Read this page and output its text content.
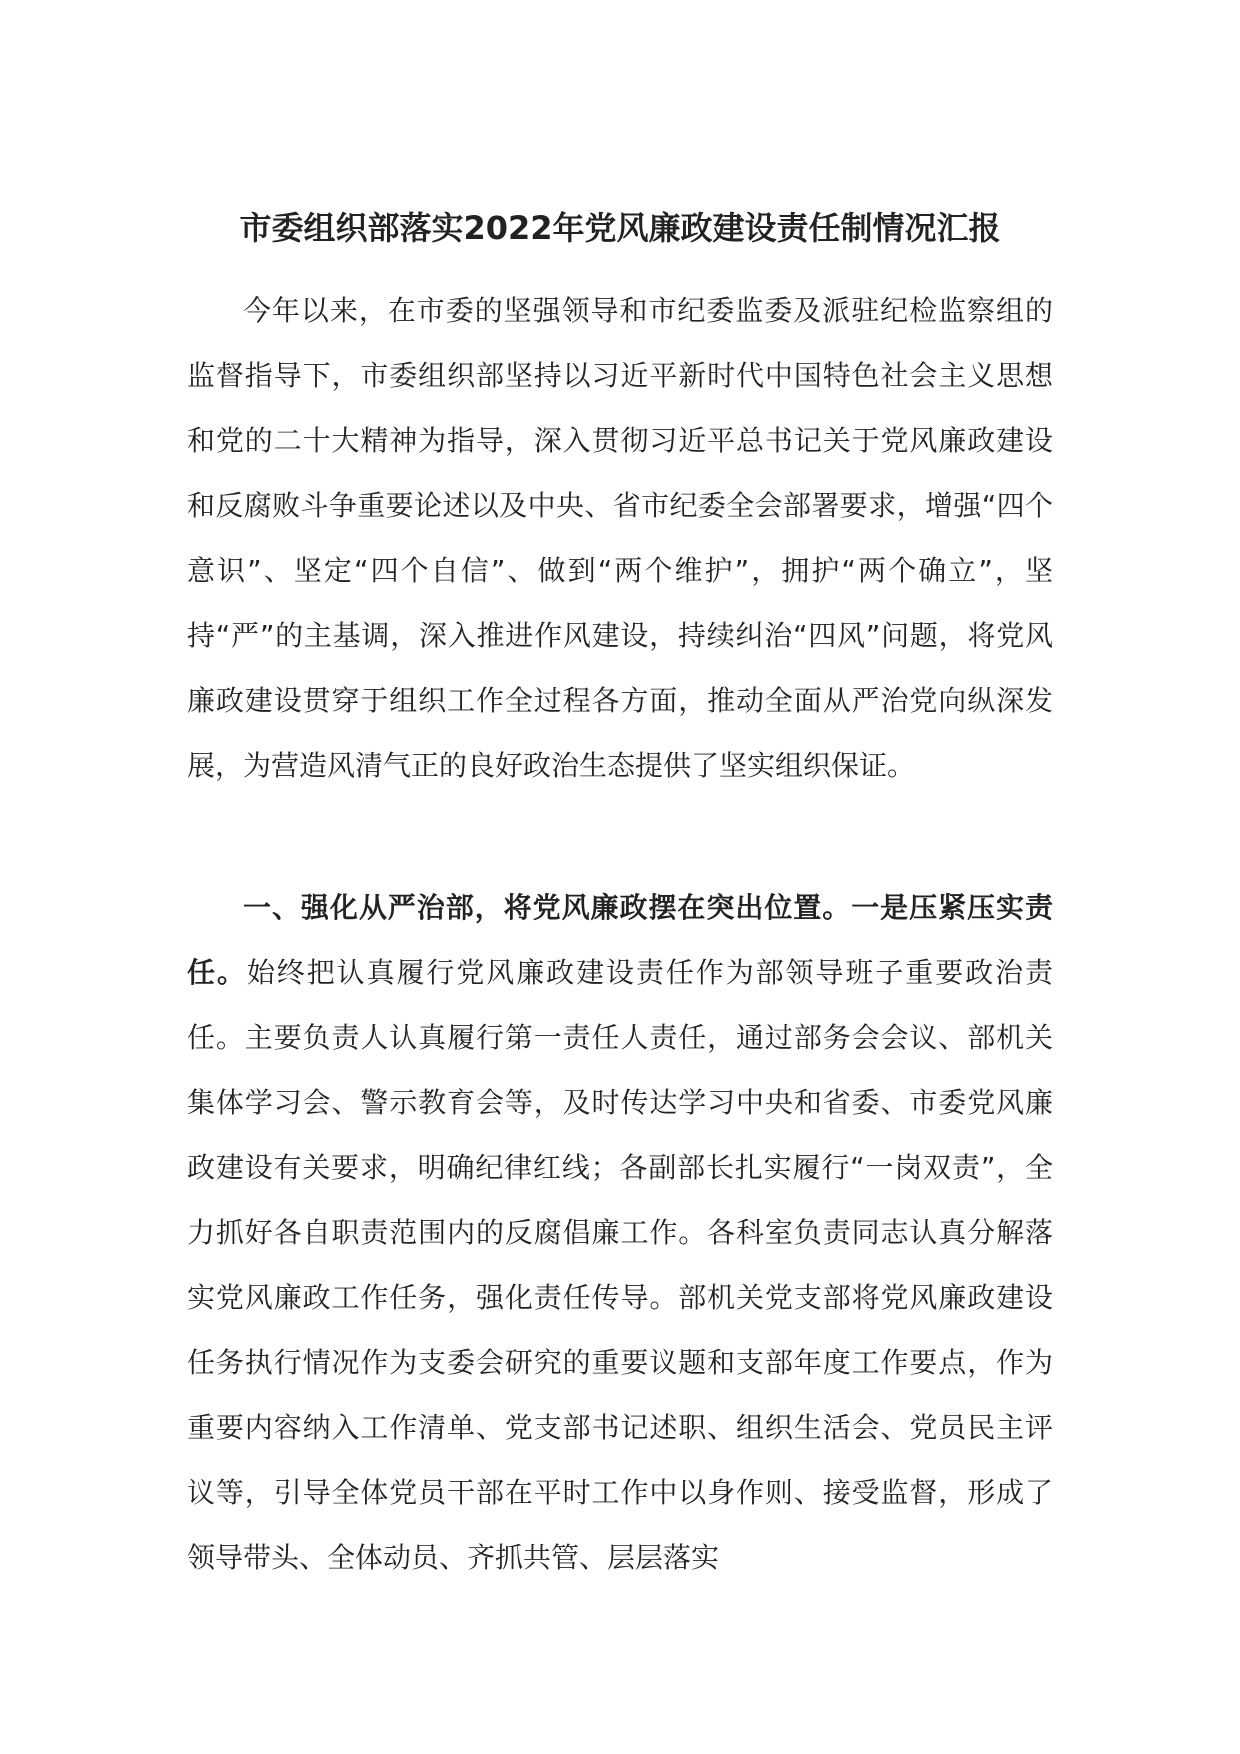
市委组织部落实2022年党风廉政建设责任制情况汇报

今年以来，在市委的坚强领导和市纪委监委及派驻纪检监察组的监督指导下，市委组织部坚持以习近平新时代中国特色社会主义思想和党的二十大精神为指导，深入贯彻习近平总书记关于党风廉政建设和反腐败斗争重要论述以及中央、省市纪委全会部署要求，增强“四个意识”、坚定“四个自信”、做到“两个维护”，拥护“两个确立”，坚持“严”的主基调，深入推进作风建设，持续纠治“四风”问题，将党风廉政建设贯穿于组织工作全过程各方面，推动全面从严治党向纵深发展，为营造风清气正的良好政治生态提供了坚实组织保证。

一、强化从严治部，将党风廉政摆在突出位置。一是压紧压实责任。始终把认真履行党风廉政建设责任作为部领导班子重要政治责任。主要负责人认真履行第一责任人责任，通过部务会会议、部机关集体学习会、警示教育会等，及时传达学习中央和省委、市委党风廉政建设有关要求，明确纪律红线；各副部长扎实履行“一岗双责”，全力抓好各自职责范围内的反腐倡廉工作。各科室负责同志认真分解落实党风廉政工作任务，强化责任传导。部机关党支部将党风廉政建设任务执行情况作为支委会研究的重要议题和支部年度工作要点，作为重要内容纳入工作清单、党支部书记述职、组织生活会、党员民主评议等，引导全体党员干部在平时工作中以身作则、接受监督，形成了领导带头、全体动员、齐抓共管、层层落实
